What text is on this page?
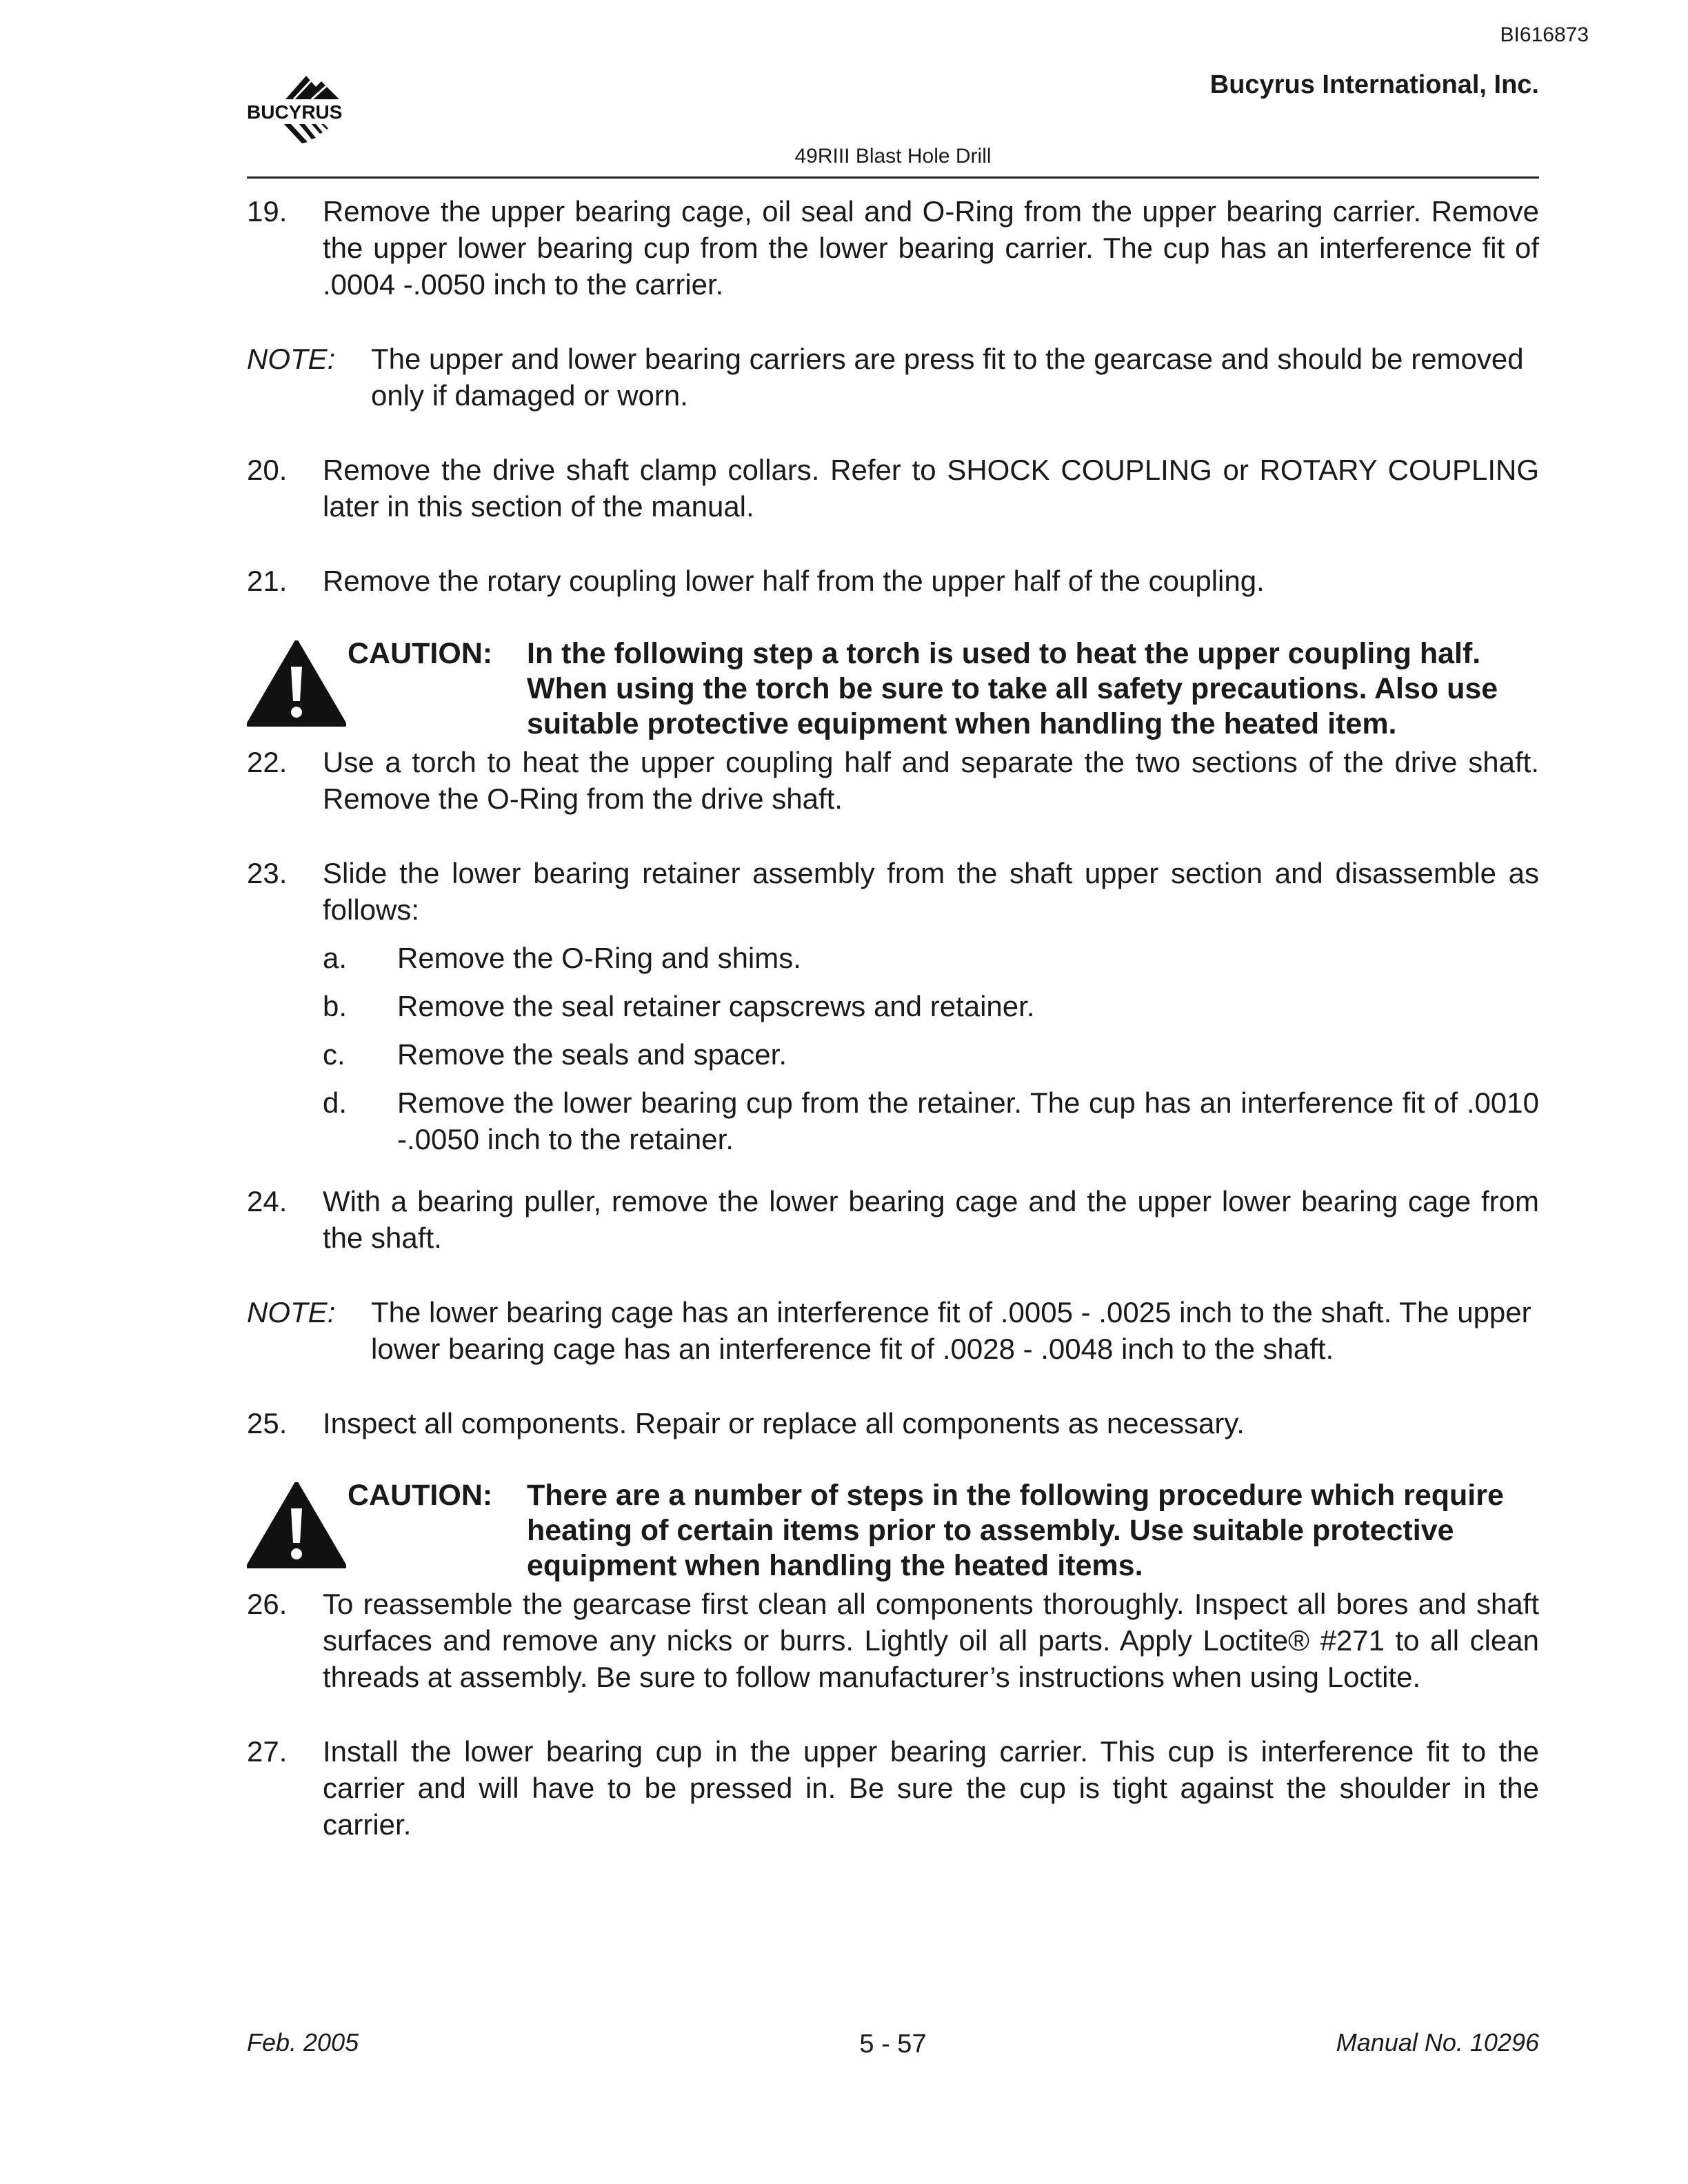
BI616873
BUCYRUS
Bucyrus International, Inc.
49RIII Blast Hole Drill
19.	Remove the upper bearing cage, oil seal and O-Ring from the upper bearing carrier. Remove the upper lower bearing cup from the lower bearing carrier. The cup has an interference fit of .0004 -.0050 inch to the carrier.
NOTE:	The upper and lower bearing carriers are press fit to the gearcase and should be removed only if damaged or worn.
20.	Remove the drive shaft clamp collars. Refer to SHOCK COUPLING or ROTARY COUPLING later in this section of the manual.
21.	Remove the rotary coupling lower half from the upper half of the coupling.
CAUTION: In the following step a torch is used to heat the upper coupling half. When using the torch be sure to take all safety precautions. Also use suitable protective equipment when handling the heated item.
22.	Use a torch to heat the upper coupling half and separate the two sections of the drive shaft. Remove the O-Ring from the drive shaft.
23.	Slide the lower bearing retainer assembly from the shaft upper section and disassemble as follows:
a.	Remove the O-Ring and shims.
b.	Remove the seal retainer capscrews and retainer.
c.	Remove the seals and spacer.
d.	Remove the lower bearing cup from the retainer. The cup has an interference fit of .0010 -.0050 inch to the retainer.
24.	With a bearing puller, remove the lower bearing cage and the upper lower bearing cage from the shaft.
NOTE:	The lower bearing cage has an interference fit of .0005 - .0025 inch to the shaft. The upper lower bearing cage has an interference fit of .0028 - .0048 inch to the shaft.
25.	Inspect all components. Repair or replace all components as necessary.
CAUTION: There are a number of steps in the following procedure which require heating of certain items prior to assembly. Use suitable protective equipment when handling the heated items.
26.	To reassemble the gearcase first clean all components thoroughly. Inspect all bores and shaft surfaces and remove any nicks or burrs. Lightly oil all parts. Apply Loctite® #271 to all clean threads at assembly. Be sure to follow manufacturer’s instructions when using Loctite.
27.	Install the lower bearing cup in the upper bearing carrier. This cup is interference fit to the carrier and will have to be pressed in. Be sure the cup is tight against the shoulder in the carrier.
Feb. 2005	5 - 57	Manual No. 10296
